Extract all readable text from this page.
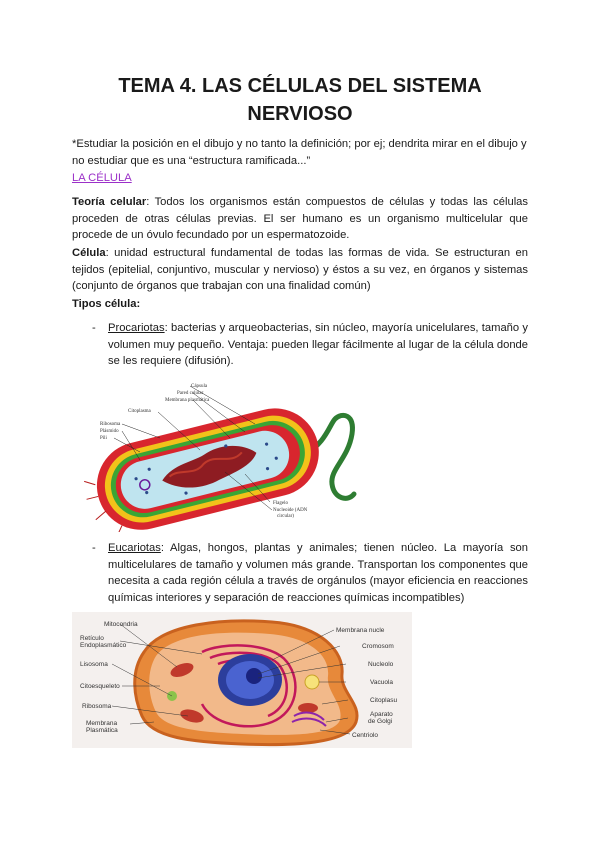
TEMA 4. LAS CÉLULAS DEL SISTEMA
NERVIOSO

*Estudiar la posición en el dibujo y no tanto la definición; por ej; dendrita mirar en el dibujo y no estudiar que es una “estructura ramificada...”

LA CÉLULA

Teoría celular: Todos los organismos están compuestos de células y todas las células proceden de otras células previas. El ser humano es un organismo multicelular que procede de un óvulo fecundado por un espermatozoide.

Célula: unidad estructural fundamental de todas las formas de vida. Se estructuran en tejidos (epitelial, conjuntivo, muscular y nervioso) y éstos a su vez, en órganos y sistemas (conjunto de órganos que trabajan con una finalidad común)

Tipos célula:
- Procariotas: bacterias y arqueobacterias, sin núcleo, mayoría unicelulares, tamaño y volumen muy pequeño. Ventaja: pueden llegar fácilmente al lugar de la célula donde se les requiere (difusión).
Cápsula
Pared celular
Membrana plasmática
Citoplasma
Ribosoma
Plásmido
Pili
Flagelo
Nucleoide (ADN
circular)
- Eucariotas: Algas, hongos, plantas y animales; tienen núcleo. La mayoría son multicelulares de tamaño y volumen más grande. Transportan los componentes que necesita a cada región célula a través de orgánulos (mayor eficiencia en reacciones químicas interiores y separación de reacciones químicas incompatibles)
Mitocondria
Retículo
Endoplasmático
Lisosoma
Citoesqueleto
Ribosoma
Membrana
Plasmática
Membrana nucle
Cromosom
Nucleolo
Vacuola
Citoplasu
Aparato
de Golgi
Centriolo
